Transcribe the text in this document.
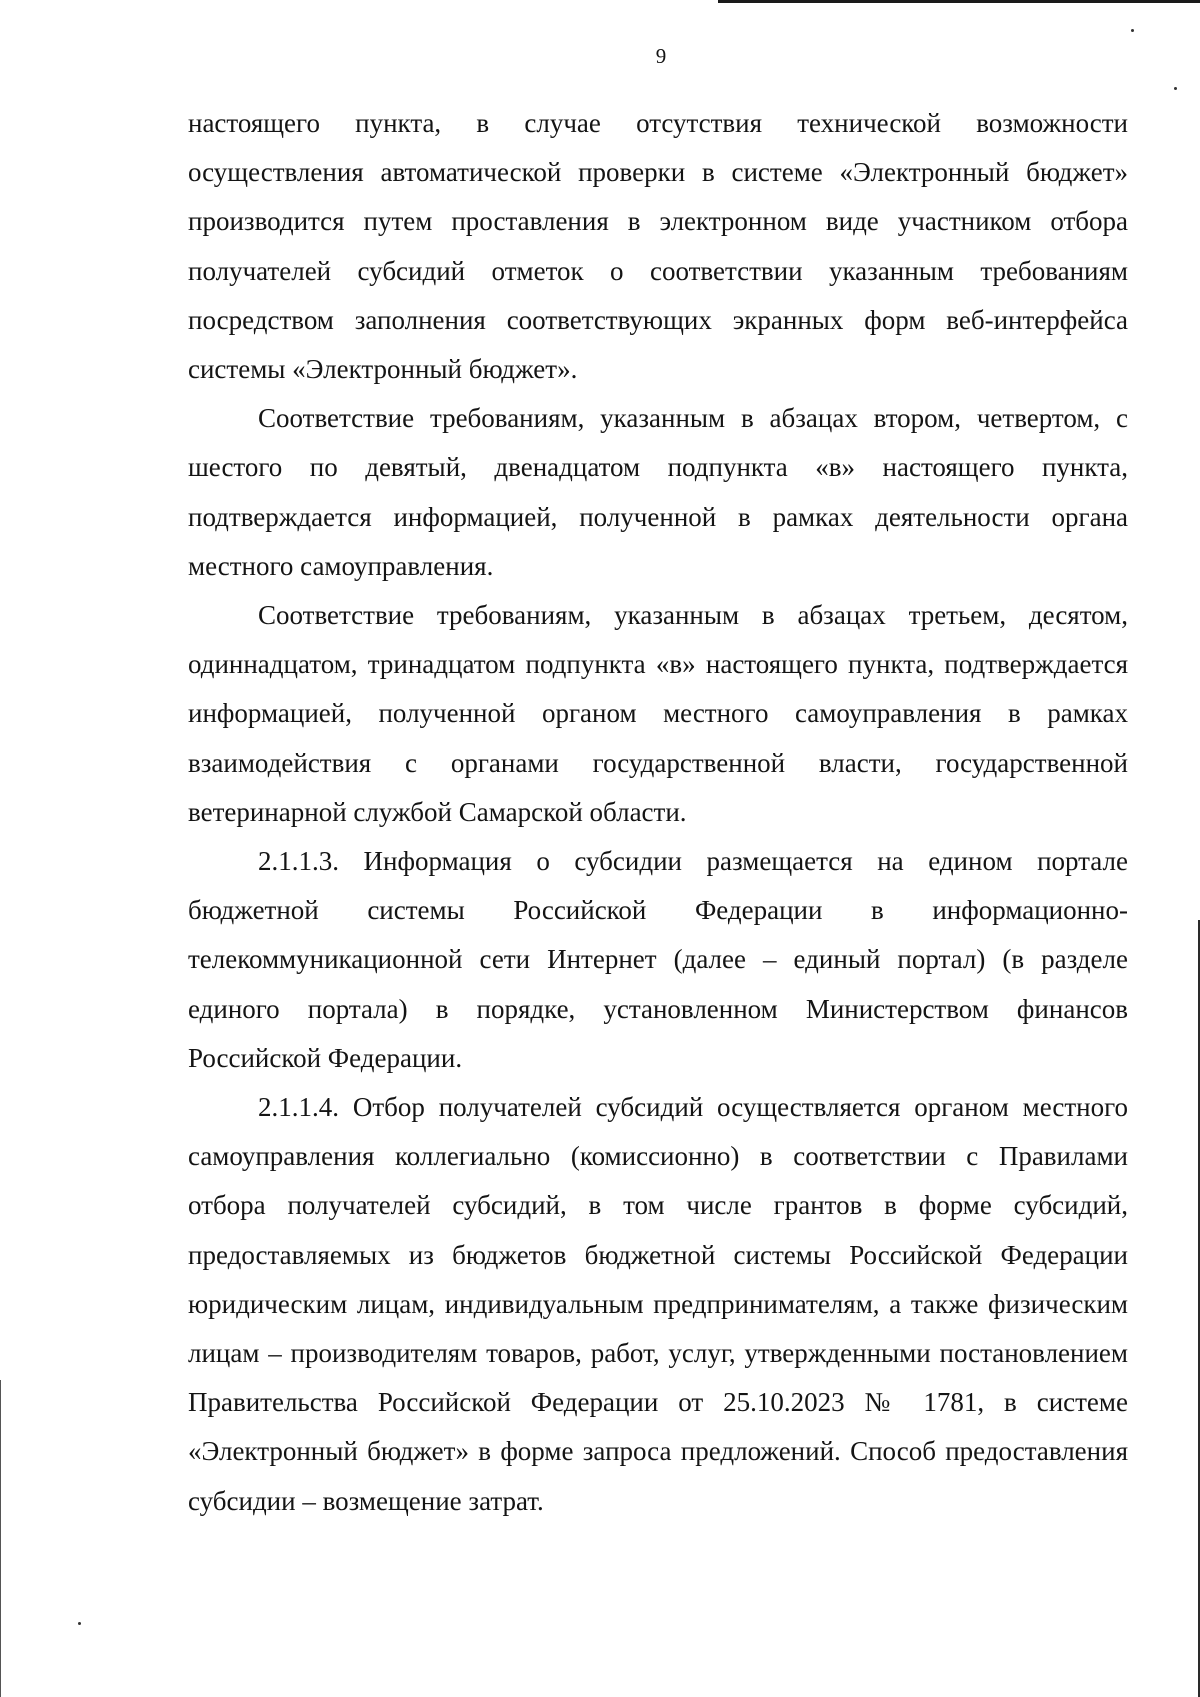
9

настоящего пункта, в случае отсутствия технической возможности осуществления автоматической проверки в системе «Электронный бюджет» производится путем проставления в электронном виде участником отбора получателей субсидий отметок о соответствии указанным требованиям посредством заполнения соответствующих экранных форм веб-интерфейса системы «Электронный бюджет».

Соответствие требованиям, указанным в абзацах втором, четвертом, с шестого по девятый, двенадцатом подпункта «в» настоящего пункта, подтверждается информацией, полученной в рамках деятельности органа местного самоуправления.

Соответствие требованиям, указанным в абзацах третьем, десятом, одиннадцатом, тринадцатом подпункта «в» настоящего пункта, подтверждается информацией, полученной органом местного самоуправления в рамках взаимодействия с органами государственной власти, государственной ветеринарной службой Самарской области.

2.1.1.3. Информация о субсидии размещается на едином портале бюджетной системы Российской Федерации в информационно-телекоммуникационной сети Интернет (далее – единый портал) (в разделе единого портала) в порядке, установленном Министерством финансов Российской Федерации.

2.1.1.4. Отбор получателей субсидий осуществляется органом местного самоуправления коллегиально (комиссионно) в соответствии с Правилами отбора получателей субсидий, в том числе грантов в форме субсидий, предоставляемых из бюджетов бюджетной системы Российской Федерации юридическим лицам, индивидуальным предпринимателям, а также физическим лицам – производителям товаров, работ, услуг, утвержденными постановлением Правительства Российской Федерации от 25.10.2023 № 1781, в системе «Электронный бюджет» в форме запроса предложений. Способ предоставления субсидии – возмещение затрат.
